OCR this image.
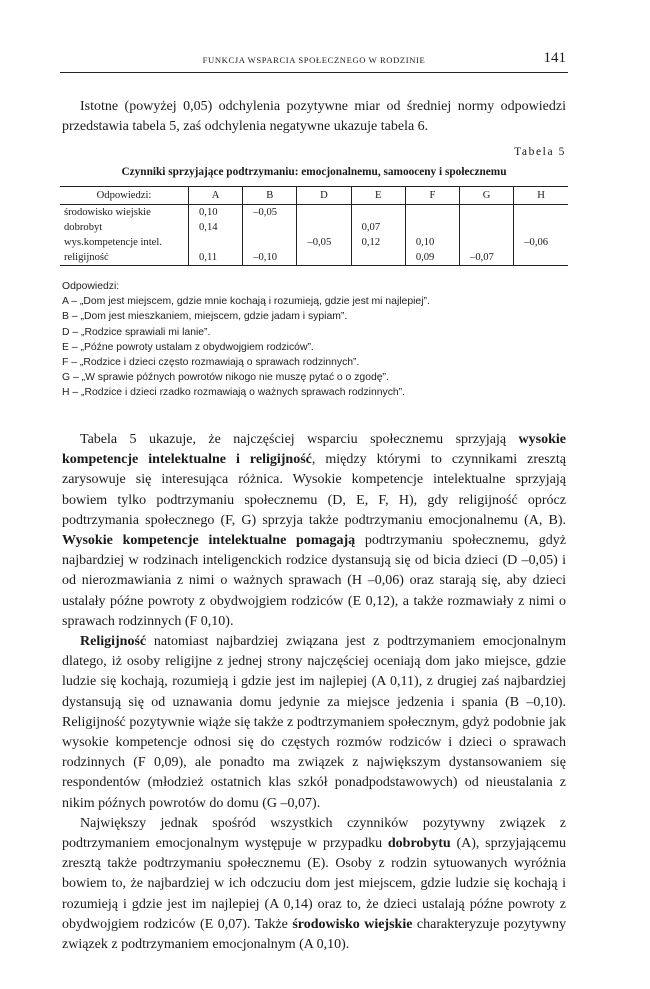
FUNKCJA WSPARCIA SPOŁECZNEGO W RODZINIE	141

Istotne (powyżej 0,05) odchylenia pozytywne miar od średniej normy odpowiedzi przedstawia tabela 5, zaś odchylenia negatywne ukazuje tabela 6.

Tabela 5
Czynniki sprzyjające podtrzymaniu: emocjonalnemu, samooceny i społecznemu
Odpowiedzi:	A	B	D	E	F	G	H
środowisko wiejskie	0,10	–0,05					
dobrobyt	0,14			0,07			
wys.kompetencje intel.			–0,05	0,12	0,10		–0,06
religijność	0,11	–0,10			0,09	–0,07	
Odpowiedzi:
A – „Dom jest miejscem, gdzie mnie kochają i rozumieją, gdzie jest mi najlepiej”.
B – „Dom jest mieszkaniem, miejscem, gdzie jadam i sypiam”.
D – „Rodzice sprawiali mi lanie”.
E – „Późne powroty ustalam z obydwojgiem rodziców”.
F – „Rodzice i dzieci często rozmawiają o sprawach rodzinnych”.
G – „W sprawie późnych powrotów nikogo nie muszę pytać o o zgodę”.
H – „Rodzice i dzieci rzadko rozmawiają o ważnych sprawach rodzinnych”.

Tabela 5 ukazuje, że najczęściej wsparciu społecznemu sprzyjają wysokie kompetencje intelektualne i religijność, między którymi to czynnikami zresztą zarysowuje się interesująca różnica. Wysokie kompetencje intelektualne sprzyjają bowiem tylko podtrzymaniu społecznemu (D, E, F, H), gdy religijność oprócz podtrzymania społecznego (F, G) sprzyja także podtrzymaniu emocjonalnemu (A, B). Wysokie kompetencje intelektualne pomagają podtrzymaniu społecznemu, gdyż najbardziej w rodzinach inteligenckich rodzice dystansują się od bicia dzieci (D –0,05) i od nierozmawiania z nimi o ważnych sprawach (H –0,06) oraz starają się, aby dzieci ustalały późne powroty z obydwojgiem rodziców (E 0,12), a także rozmawiały z nimi o sprawach rodzinnych (F 0,10).

Religijność natomiast najbardziej związana jest z podtrzymaniem emocjonalnym dlatego, iż osoby religijne z jednej strony najczęściej oceniają dom jako miejsce, gdzie ludzie się kochają, rozumieją i gdzie jest im najlepiej (A 0,11), z drugiej zaś najbardziej dystansują się od uznawania domu jedynie za miejsce jedzenia i spania (B –0,10). Religijność pozytywnie wiąże się także z podtrzymaniem społecznym, gdyż podobnie jak wysokie kompetencje odnosi się do częstych rozmów rodziców i dzieci o sprawach rodzinnych (F 0,09), ale ponadto ma związek z największym dystansowaniem się respondentów (młodzież ostatnich klas szkół ponadpodstawowych) od nieustalania z nikim późnych powrotów do domu (G –0,07).

Największy jednak spośród wszystkich czynników pozytywny związek z podtrzymaniem emocjonalnym występuje w przypadku dobrobytu (A), sprzyjającemu zresztą także podtrzymaniu społecznemu (E). Osoby z rodzin sytuowanych wyróżnia bowiem to, że najbardziej w ich odczuciu dom jest miejscem, gdzie ludzie się kochają i rozumieją i gdzie jest im najlepiej (A 0,14) oraz to, że dzieci ustalają późne powroty z obydwojgiem rodziców (E 0,07). Także środowisko wiejskie charakteryzuje pozytywny związek z podtrzymaniem emocjonalnym (A 0,10).
